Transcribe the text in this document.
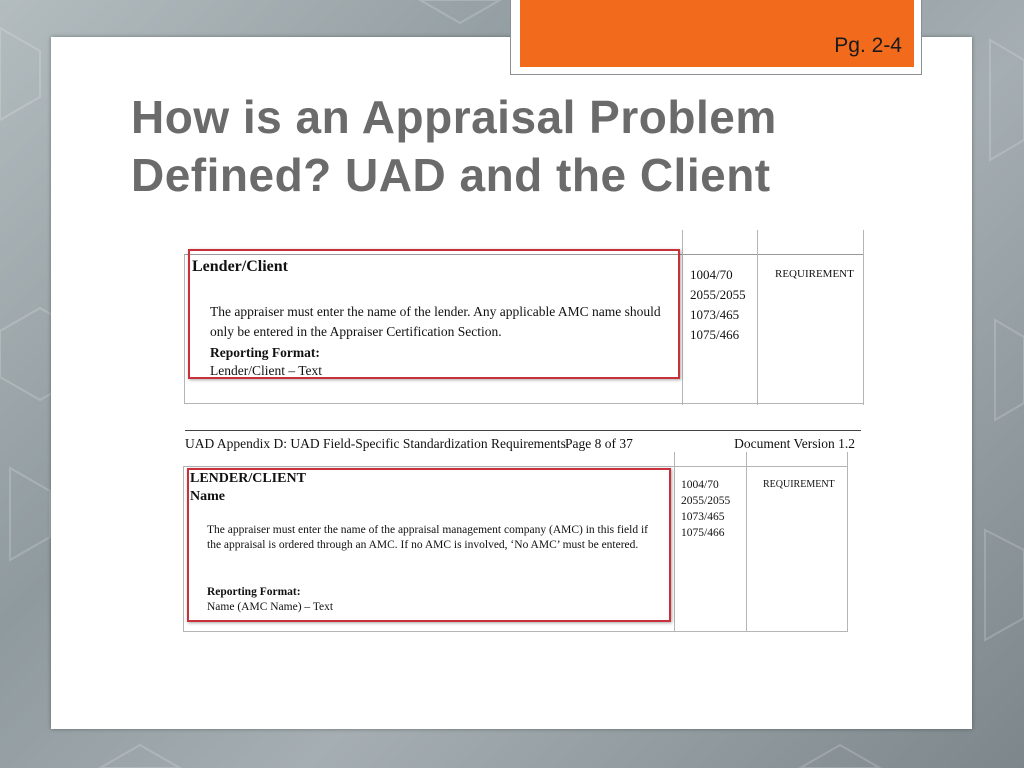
Pg. 2-4
How is an Appraisal Problem
Defined? UAD and the Client
Lender/Client
The appraiser must enter the name of the lender. Any applicable AMC name should only be entered in the Appraiser Certification Section.
Reporting Format:
Lender/Client – Text
1004/70
2055/2055
1073/465
1075/466
REQUIREMENT
UAD Appendix D: UAD Field-Specific Standardization Requirements Page 8 of 37	Document Version 1.2
LENDER/CLIENT
Name
The appraiser must enter the name of the appraisal management company (AMC) in this field if the appraisal is ordered through an AMC. If no AMC is involved, ‘No AMC’ must be entered.
Reporting Format:
Name (AMC Name) – Text
1004/70
2055/2055
1073/465
1075/466
REQUIREMENT
